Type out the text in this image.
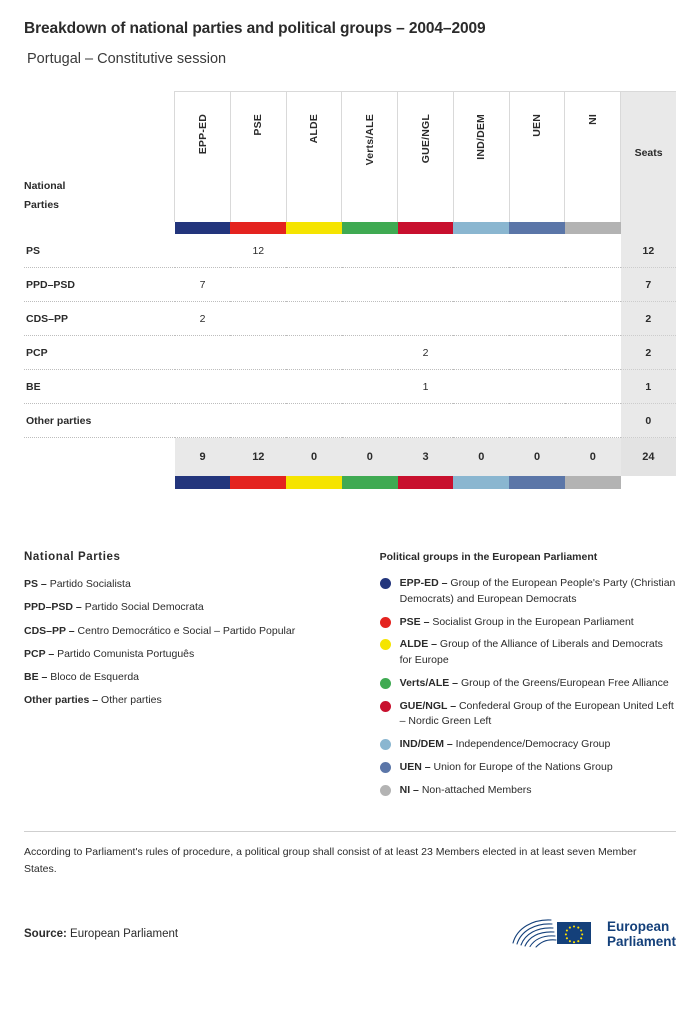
Breakdown of national parties and political groups – 2004–2009
Portugal – Constitutive session
National
Parties	EPP-ED	PSE	ALDE	Verts/ALE	GUE/NGL	IND/DEM	UEN	NI	Seats

PS		12							12
PPD–PSD	7								7
CDS–PP	2								2
PCP					2				2
BE					1				1
Other parties									0
	9	12	0	0	3	0	0	0	24

National Parties
PS – Partido Socialista
PPD–PSD – Partido Social Democrata
CDS–PP – Centro Democrático e Social – Partido Popular
PCP – Partido Comunista Português
BE – Bloco de Esquerda
Other parties – Other parties
Political groups in the European Parliament
EPP-ED – Group of the European People's Party (Christian Democrats) and European Democrats
PSE – Socialist Group in the European Parliament
ALDE – Group of the Alliance of Liberals and Democrats for Europe
Verts/ALE – Group of the Greens/European Free Alliance
GUE/NGL – Confederal Group of the European United Left – Nordic Green Left
IND/DEM – Independence/Democracy Group
UEN – Union for Europe of the Nations Group
NI – Non-attached Members
According to Parliament's rules of procedure, a political group shall consist of at least 23 Members elected in at least seven Member States.
Source: European Parliament
European
Parliament
